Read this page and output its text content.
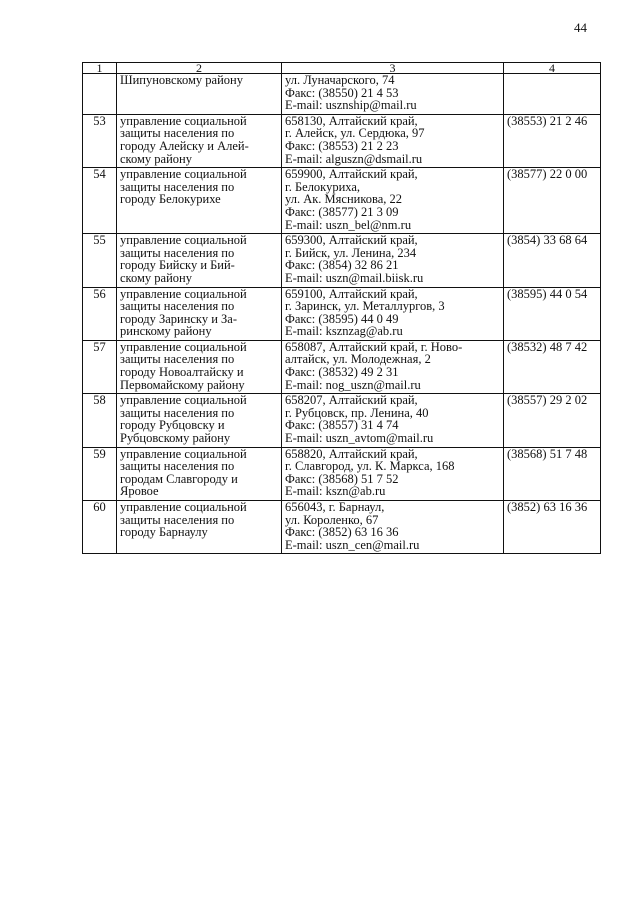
44
1	2	3	4

	Шипуновскому району	ул. Луначарского, 74
Факс: (38550) 21 4 53
E-mail: usznship@mail.ru	

53	управление социальной
защиты населения по
городу Алейску и Алей-
скому району	658130, Алтайский край,
г. Алейск, ул. Сердюка, 97
Факс: (38553) 21 2 23
E-mail: alguszn@dsmail.ru	(38553) 21 2 46
54	управление социальной
защиты населения по
городу Белокурихе	659900, Алтайский край,
г. Белокуриха,
ул. Ак. Мясникова, 22
Факс: (38577) 21 3 09
E-mail: uszn_bel@nm.ru	(38577) 22 0 00
55	управление социальной
защиты населения по
городу Бийску и Бий-
скому району	659300, Алтайский край,
г. Бийск, ул. Ленина, 234
Факс: (3854) 32 86 21
E-mail: uszn@mail.biisk.ru	(3854) 33 68 64
56	управление социальной
защиты населения по
городу Заринску и За-
ринскому району	659100, Алтайский край,
г. Заринск, ул. Металлургов, 3
Факс: (38595) 44 0 49
E-mail: ksznzag@ab.ru	(38595) 44 0 54
57	управление социальной
защиты населения по
городу Новоалтайску и
Первомайскому району	658087, Алтайский край, г. Ново-
алтайск, ул. Молодежная, 2
Факс: (38532) 49 2 31
E-mail: nog_uszn@mail.ru	(38532) 48 7 42
58	управление социальной
защиты населения по
городу Рубцовску и
Рубцовскому району	658207, Алтайский край,
г. Рубцовск, пр. Ленина, 40
Факс: (38557) 31 4 74
E-mail: uszn_avtom@mail.ru	(38557) 29 2 02
59	управление социальной
защиты населения по
городам Славгороду и
Яровое	658820, Алтайский край,
г. Славгород, ул. К. Маркса, 168
Факс: (38568) 51 7 52
E-mail: kszn@ab.ru	(38568) 51 7 48
60	управление социальной
защиты населения по
городу Барнаулу	656043, г. Барнаул,
ул. Короленко, 67
Факс: (3852) 63 16 36
E-mail: uszn_cen@mail.ru	(3852) 63 16 36
